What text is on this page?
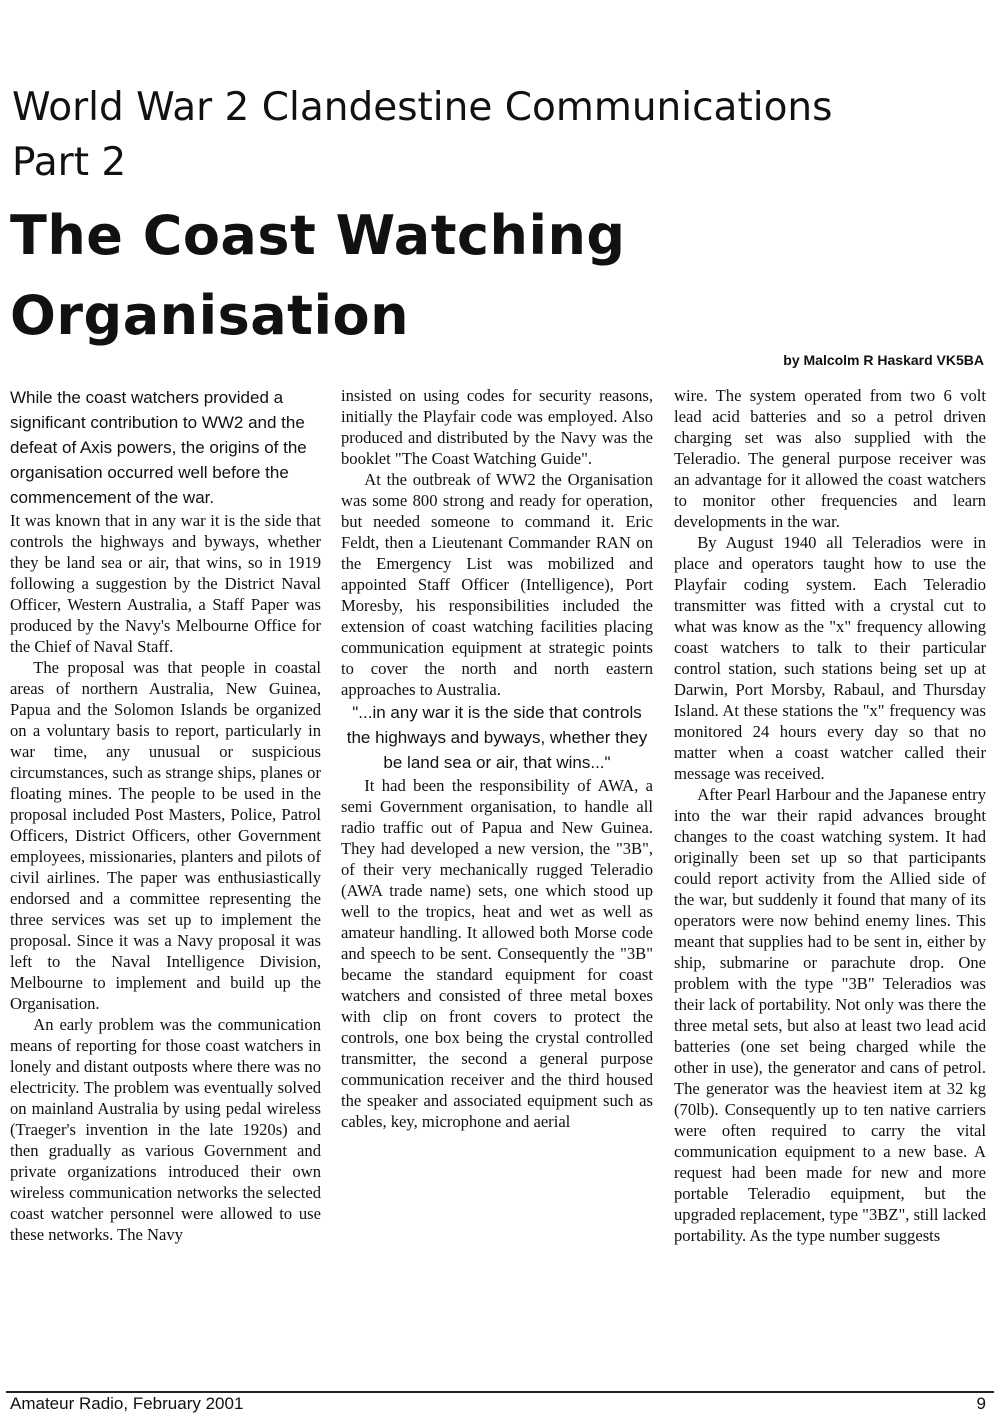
World War 2 Clandestine Communications
Part 2
The Coast Watching
Organisation
by Malcolm R Haskard VK5BA

While the coast watchers provided a significant contribution to WW2 and the defeat of Axis powers, the origins of the organisation occurred well before the commencement of the war.

It was known that in any war it is the side that controls the highways and byways, whether they be land sea or air, that wins, so in 1919 following a suggestion by the District Naval Officer, Western Australia, a Staff Paper was produced by the Navy's Melbourne Office for the Chief of Naval Staff.

The proposal was that people in coastal areas of northern Australia, New Guinea, Papua and the Solomon Islands be organized on a voluntary basis to report, particularly in war time, any unusual or suspicious circumstances, such as strange ships, planes or floating mines. The people to be used in the proposal included Post Masters, Police, Patrol Officers, District Officers, other Government employees, missionaries, planters and pilots of civil airlines. The paper was enthusiastically endorsed and a committee representing the three services was set up to implement the proposal. Since it was a Navy proposal it was left to the Naval Intelligence Division, Melbourne to implement and build up the Organisation.

An early problem was the communication means of reporting for those coast watchers in lonely and distant outposts where there was no electricity. The problem was eventually solved on mainland Australia by using pedal wireless (Traeger's invention in the late 1920s) and then gradually as various Government and private organizations introduced their own wireless communication networks the selected coast watcher personnel were allowed to use these networks. The Navy

insisted on using codes for security reasons, initially the Playfair code was employed. Also produced and distributed by the Navy was the booklet "The Coast Watching Guide".

At the outbreak of WW2 the Organisation was some 800 strong and ready for operation, but needed someone to command it. Eric Feldt, then a Lieutenant Commander RAN on the Emergency List was mobilized and appointed Staff Officer (Intelligence), Port Moresby, his responsibilities included the extension of coast watching facilities placing communication equipment at strategic points to cover the north and north eastern approaches to Australia.

"...in any war it is the side that controls the highways and byways, whether they be land sea or air, that wins..."

It had been the responsibility of AWA, a semi Government organisation, to handle all radio traffic out of Papua and New Guinea. They had developed a new version, the "3B", of their very mechanically rugged Teleradio (AWA trade name) sets, one which stood up well to the tropics, heat and wet as well as amateur handling. It allowed both Morse code and speech to be sent. Consequently the "3B" became the standard equipment for coast watchers and consisted of three metal boxes with clip on front covers to protect the controls, one box being the crystal controlled transmitter, the second a general purpose communication receiver and the third housed the speaker and associated equipment such as cables, key, microphone and aerial

wire. The system operated from two 6 volt lead acid batteries and so a petrol driven charging set was also supplied with the Teleradio. The general purpose receiver was an advantage for it allowed the coast watchers to monitor other frequencies and learn developments in the war.

By August 1940 all Teleradios were in place and operators taught how to use the Playfair coding system. Each Teleradio transmitter was fitted with a crystal cut to what was know as the "x" frequency allowing coast watchers to talk to their particular control station, such stations being set up at Darwin, Port Morsby, Rabaul, and Thursday Island. At these stations the "x" frequency was monitored 24 hours every day so that no matter when a coast watcher called their message was received.

After Pearl Harbour and the Japanese entry into the war their rapid advances brought changes to the coast watching system. It had originally been set up so that participants could report activity from the Allied side of the war, but suddenly it found that many of its operators were now behind enemy lines. This meant that supplies had to be sent in, either by ship, submarine or parachute drop. One problem with the type "3B" Teleradios was their lack of portability. Not only was there the three metal sets, but also at least two lead acid batteries (one set being charged while the other in use), the generator and cans of petrol. The generator was the heaviest item at 32 kg (70lb). Consequently up to ten native carriers were often required to carry the vital communication equipment to a new base. A request had been made for new and more portable Teleradio equipment, but the upgraded replacement, type "3BZ", still lacked portability. As the type number suggests

Amateur Radio, February 2001	9
